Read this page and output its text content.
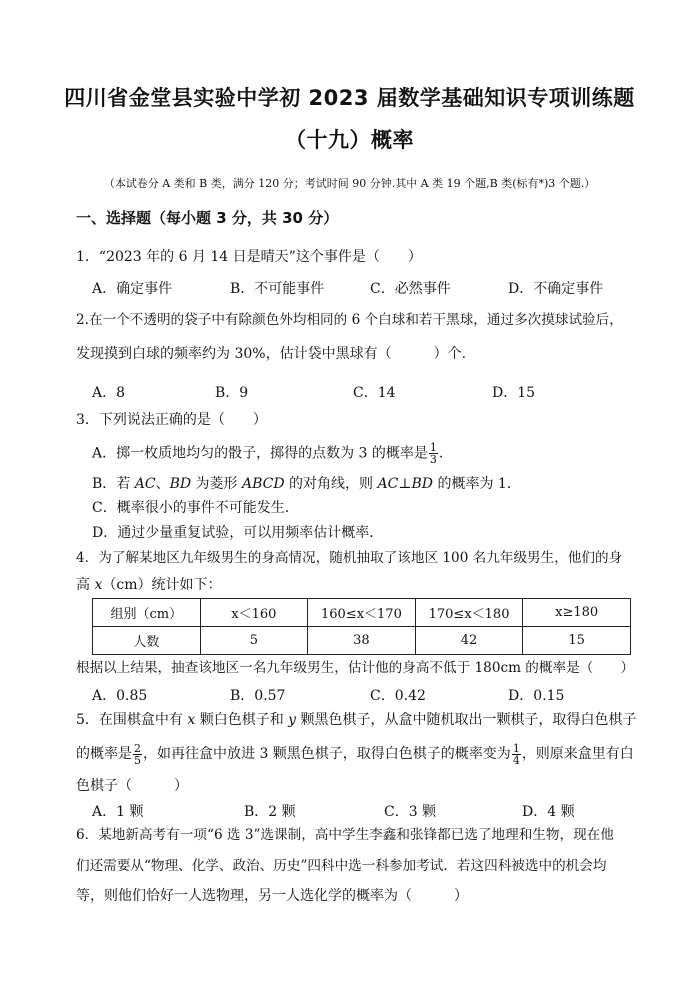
四川省金堂县实验中学初 2023 届数学基础知识专项训练题
（十九）概率
（本试卷分 A 类和 B 类，满分 120 分；考试时间 90 分钟.其中 A 类 19 个题,B 类(标有*)3 个题.）
一、选择题（每小题 3 分，共 30 分）
1．“2023 年的 6 月 14 日是晴天”这个事件是（　　）
A．确定事件	B．不可能事件	C．必然事件	D．不确定事件
2.在一个不透明的袋子中有除颜色外均相同的 6 个白球和若干黑球，通过多次摸球试验后，
发现摸到白球的频率约为 30%，估计袋中黑球有（　　　）个.
A．8	B．9	C．14	D．15
3．下列说法正确的是（　　）
A．掷一枚质地均匀的骰子，掷得的点数为 3 的概率是 $\frac{1}{3}$ .
B．若 AC、BD 为菱形 ABCD 的对角线，则 AC⊥BD 的概率为 1．
C．概率很小的事件不可能发生．
D．通过少量重复试验，可以用频率估计概率．
4．为了解某地区九年级男生的身高情况，随机抽取了该地区 100 名九年级男生，他们的身
高 x（cm）统计如下：
组别（cm）	x＜160	160≤x＜170	170≤x＜180	x≥180
人数	5	38	42	15
根据以上结果，抽查该地区一名九年级男生，估计他的身高不低于 180cm 的概率是（　　）
A．0.85	B．0.57	C．0.42	D．0.15
5．在围棋盒中有 x 颗白色棋子和 y 颗黑色棋子，从盒中随机取出一颗棋子，取得白色棋子
的概率是 $\frac{2}{5}$ ，如再往盒中放进 3 颗黑色棋子，取得白色棋子的概率变为 $\frac{1}{4}$ ，则原来盒里有白
色棋子（　　　）
A．1 颗	B．2 颗	C．3 颗	D．4 颗
6．某地新高考有一项“6 选 3”选课制，高中学生李鑫和张锋都已选了地理和生物，现在他
们还需要从“物理、化学、政治、历史”四科中选一科参加考试．若这四科被选中的机会均
等，则他们恰好一人选物理，另一人选化学的概率为（　　　）
